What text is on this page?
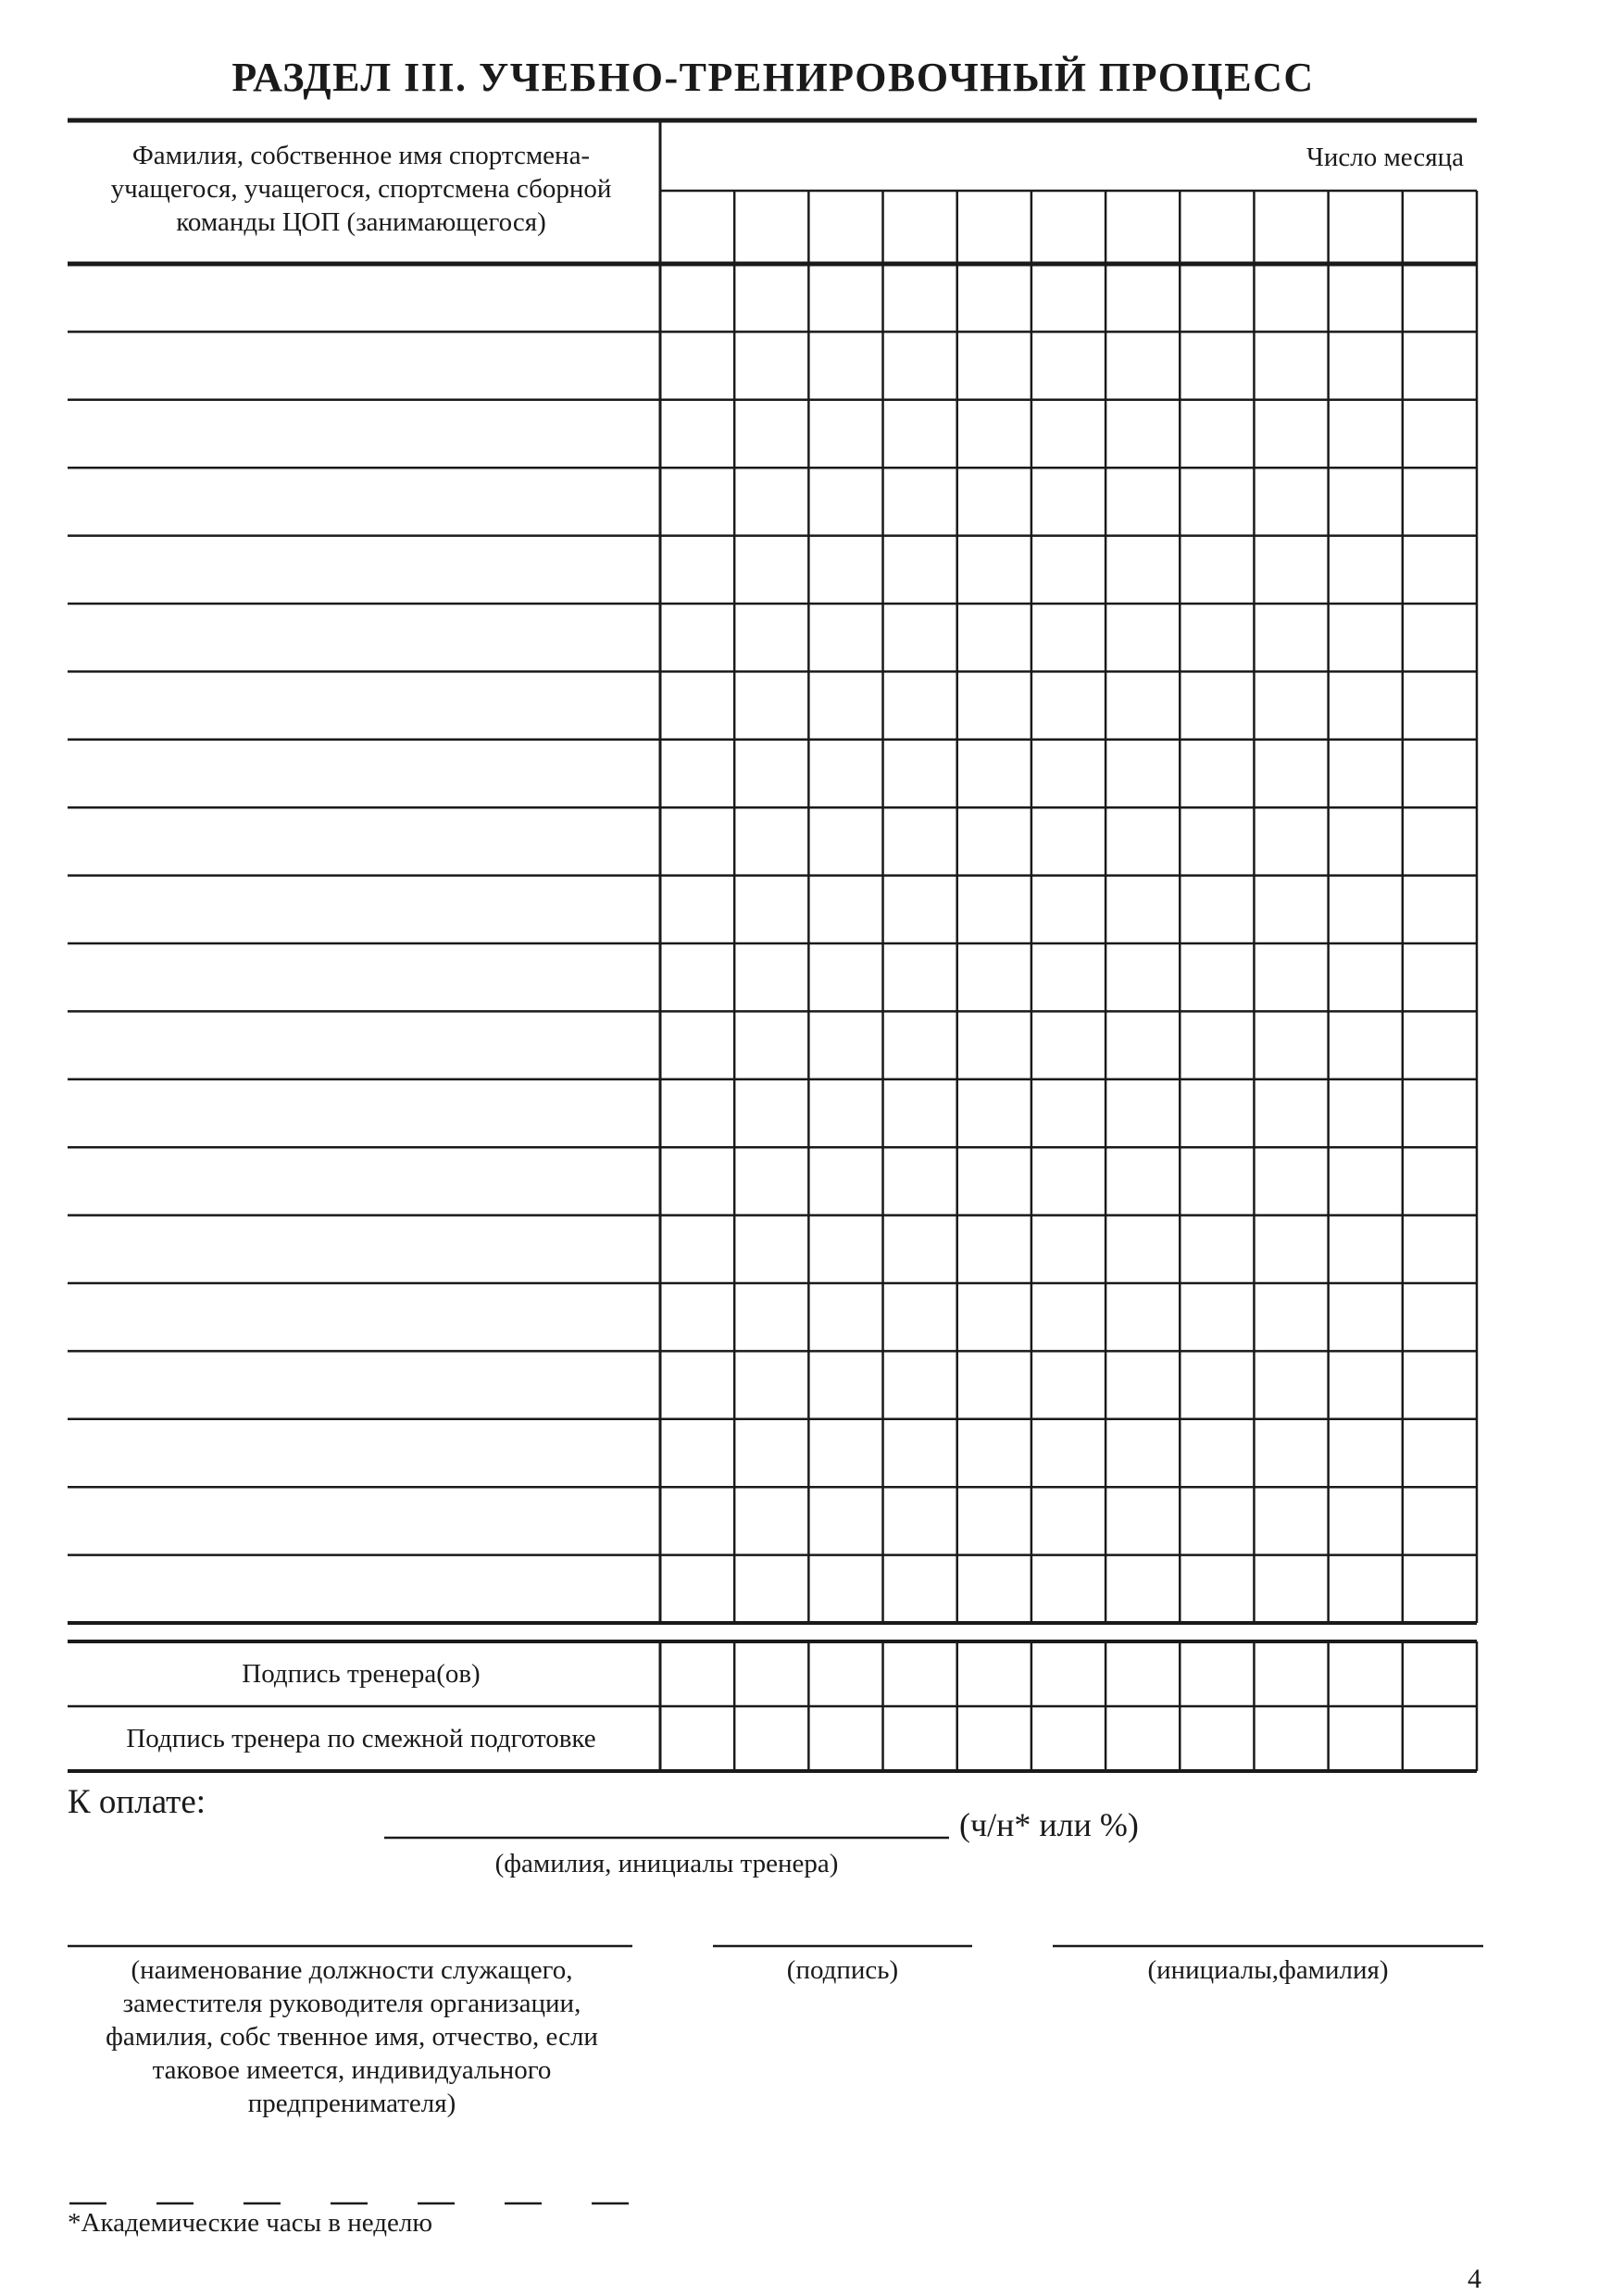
РАЗДЕЛ III. УЧЕБНО-ТРЕНИРОВОЧНЫЙ ПРОЦЕСС
Фамилия, собственное имя спортсмена-учащегося, учащегося, спортсмена сборной команды ЦОП (занимающегося)
Число месяца
Подпись тренера(ов)
Подпись тренера по смежной подготовке
К оплате:
(ч/н* или %)
(фамилия, инициалы тренера)
(наименование должности служащего, заместителя руководителя организации, фамилия, собс твенное имя, отчество, если таковое имеется, индивидуального предпренимателя)
(подпись)	(инициалы,фамилия)
*Академические часы в неделю
4
